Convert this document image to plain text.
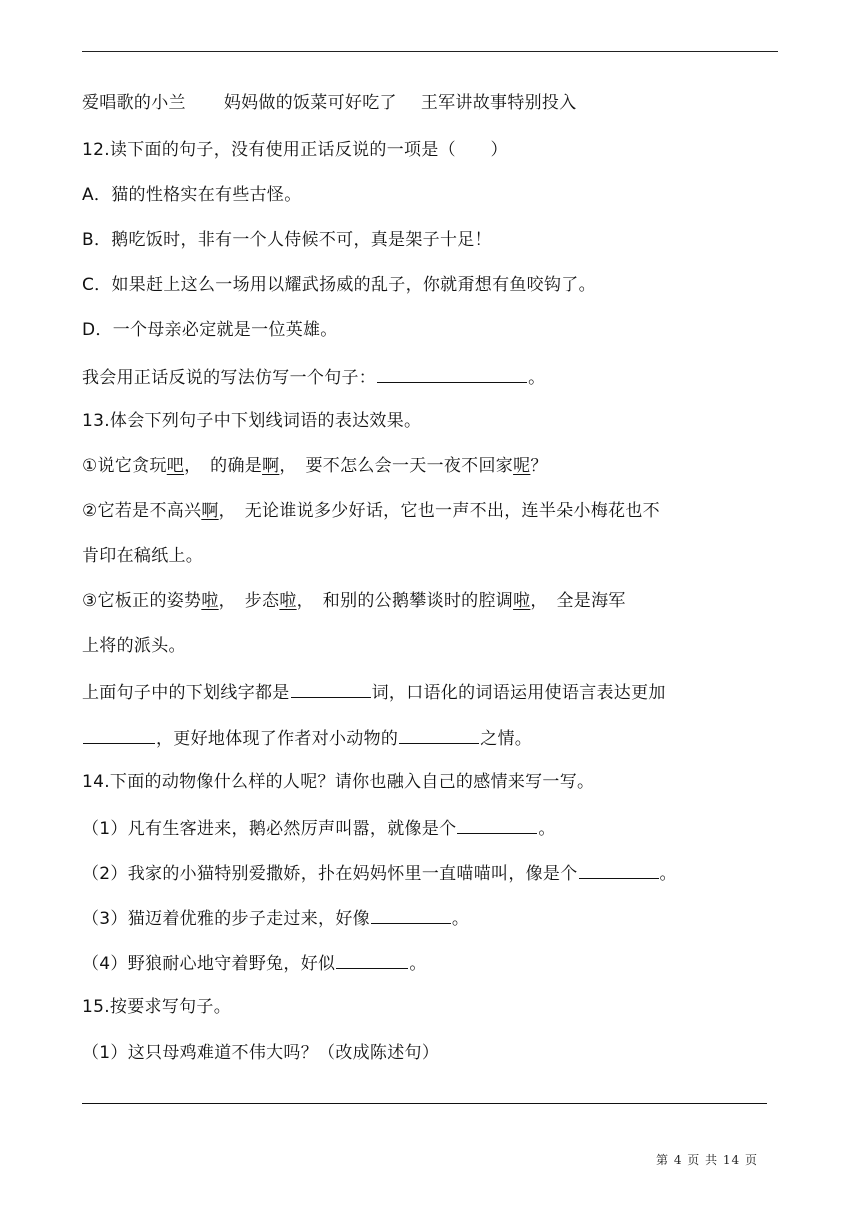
爱唱歌的小兰 妈妈做的饭菜可好吃了 王军讲故事特别投入
12.读下面的句子，没有使用正话反说的一项是（　　）
A．猫的性格实在有些古怪。
B．鹅吃饭时，非有一个人侍候不可，真是架子十足！
C．如果赶上这么一场用以耀武扬威的乱子，你就甭想有鱼咬钩了。
D．一个母亲必定就是一位英雄。
我会用正话反说的写法仿写一个句子：	。
13.体会下列句子中下划线词语的表达效果。
①说它贪玩吧，　的确是啊，　要不怎么会一天一夜不回家呢？
②它若是不高兴啊，　无论谁说多少好话，它也一声不出，连半朵小梅花也不
肯印在稿纸上。
③它板正的姿势啦，　步态啦，　和别的公鹅攀谈时的腔调啦，　全是海军
上将的派头。
上面句子中的下划线字都是	词，口语化的词语运用使语言表达更加
，更好地体现了作者对小动物的	之情。
14.下面的动物像什么样的人呢？请你也融入自己的感情来写一写。
（1）凡有生客进来，鹅必然厉声叫嚣，就像是个	。
（2）我家的小猫特别爱撒娇，扑在妈妈怀里一直喵喵叫，像是个	。
（3）猫迈着优雅的步子走过来，好像	。
（4）野狼耐心地守着野兔，好似	。
15.按要求写句子。
（1）这只母鸡难道不伟大吗？（改成陈述句）
第 4 页 共 14 页
